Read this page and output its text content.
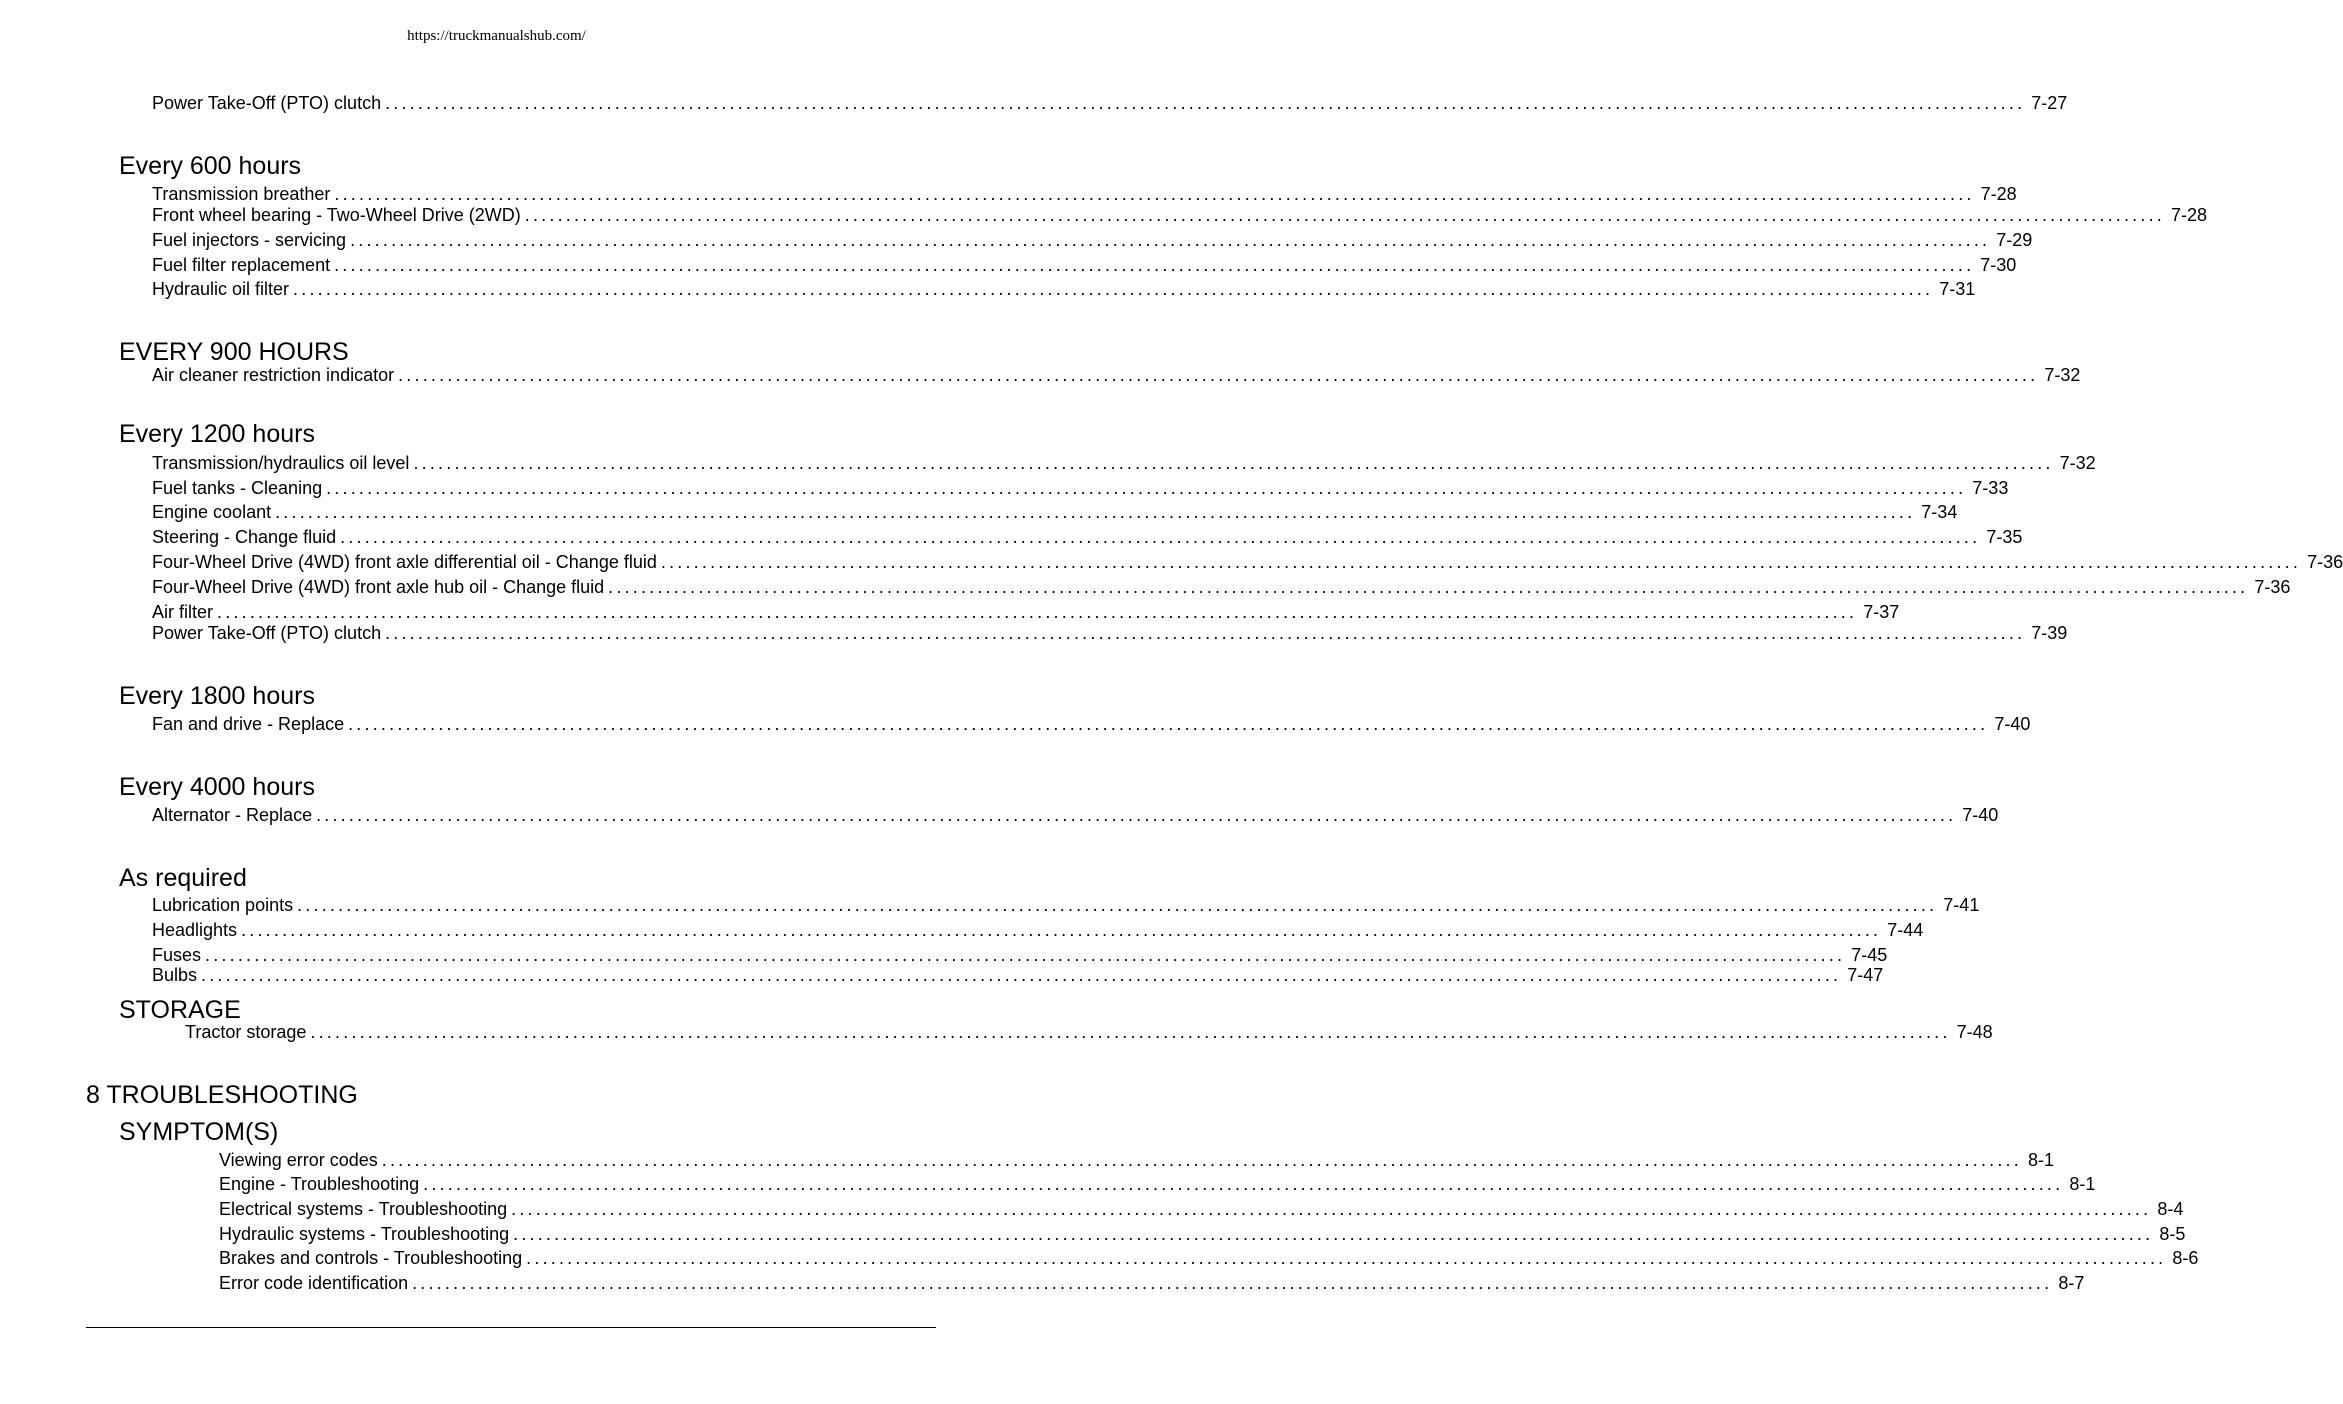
https://truckmanualshub.com/
Power Take-Off (PTO) clutch ........................................................................................................................................................................................................ 7-27
Every 600 hours
Transmission breather ........................................................................................................................................................................................................ 7-28
Front wheel bearing - Two-Wheel Drive (2WD) ........................................................................................................................................................................................................ 7-28
Fuel injectors - servicing ........................................................................................................................................................................................................ 7-29
Fuel filter replacement ........................................................................................................................................................................................................ 7-30
Hydraulic oil filter ........................................................................................................................................................................................................ 7-31
EVERY 900 HOURS
Air cleaner restriction indicator ........................................................................................................................................................................................................ 7-32
Every 1200 hours
Transmission/hydraulics oil level ........................................................................................................................................................................................................ 7-32
Fuel tanks - Cleaning ........................................................................................................................................................................................................ 7-33
Engine coolant ........................................................................................................................................................................................................ 7-34
Steering - Change fluid ........................................................................................................................................................................................................ 7-35
Four-Wheel Drive (4WD) front axle differential oil - Change fluid ........................................................................................................................................................................................................ 7-36
Four-Wheel Drive (4WD) front axle hub oil - Change fluid ........................................................................................................................................................................................................ 7-36
Air filter ........................................................................................................................................................................................................ 7-37
Power Take-Off (PTO) clutch ........................................................................................................................................................................................................ 7-39
Every 1800 hours
Fan and drive - Replace ........................................................................................................................................................................................................ 7-40
Every 4000 hours
Alternator - Replace ........................................................................................................................................................................................................ 7-40
As required
Lubrication points ........................................................................................................................................................................................................ 7-41
Headlights ........................................................................................................................................................................................................ 7-44
Fuses ........................................................................................................................................................................................................ 7-45
Bulbs ........................................................................................................................................................................................................ 7-47
STORAGE
Tractor storage ........................................................................................................................................................................................................ 7-48
8 TROUBLESHOOTING
SYMPTOM(S)
Viewing error codes ........................................................................................................................................................................................................ 8-1
Engine - Troubleshooting ........................................................................................................................................................................................................ 8-1
Electrical systems - Troubleshooting ........................................................................................................................................................................................................ 8-4
Hydraulic systems - Troubleshooting ........................................................................................................................................................................................................ 8-5
Brakes and controls - Troubleshooting ........................................................................................................................................................................................................ 8-6
Error code identification ........................................................................................................................................................................................................ 8-7
